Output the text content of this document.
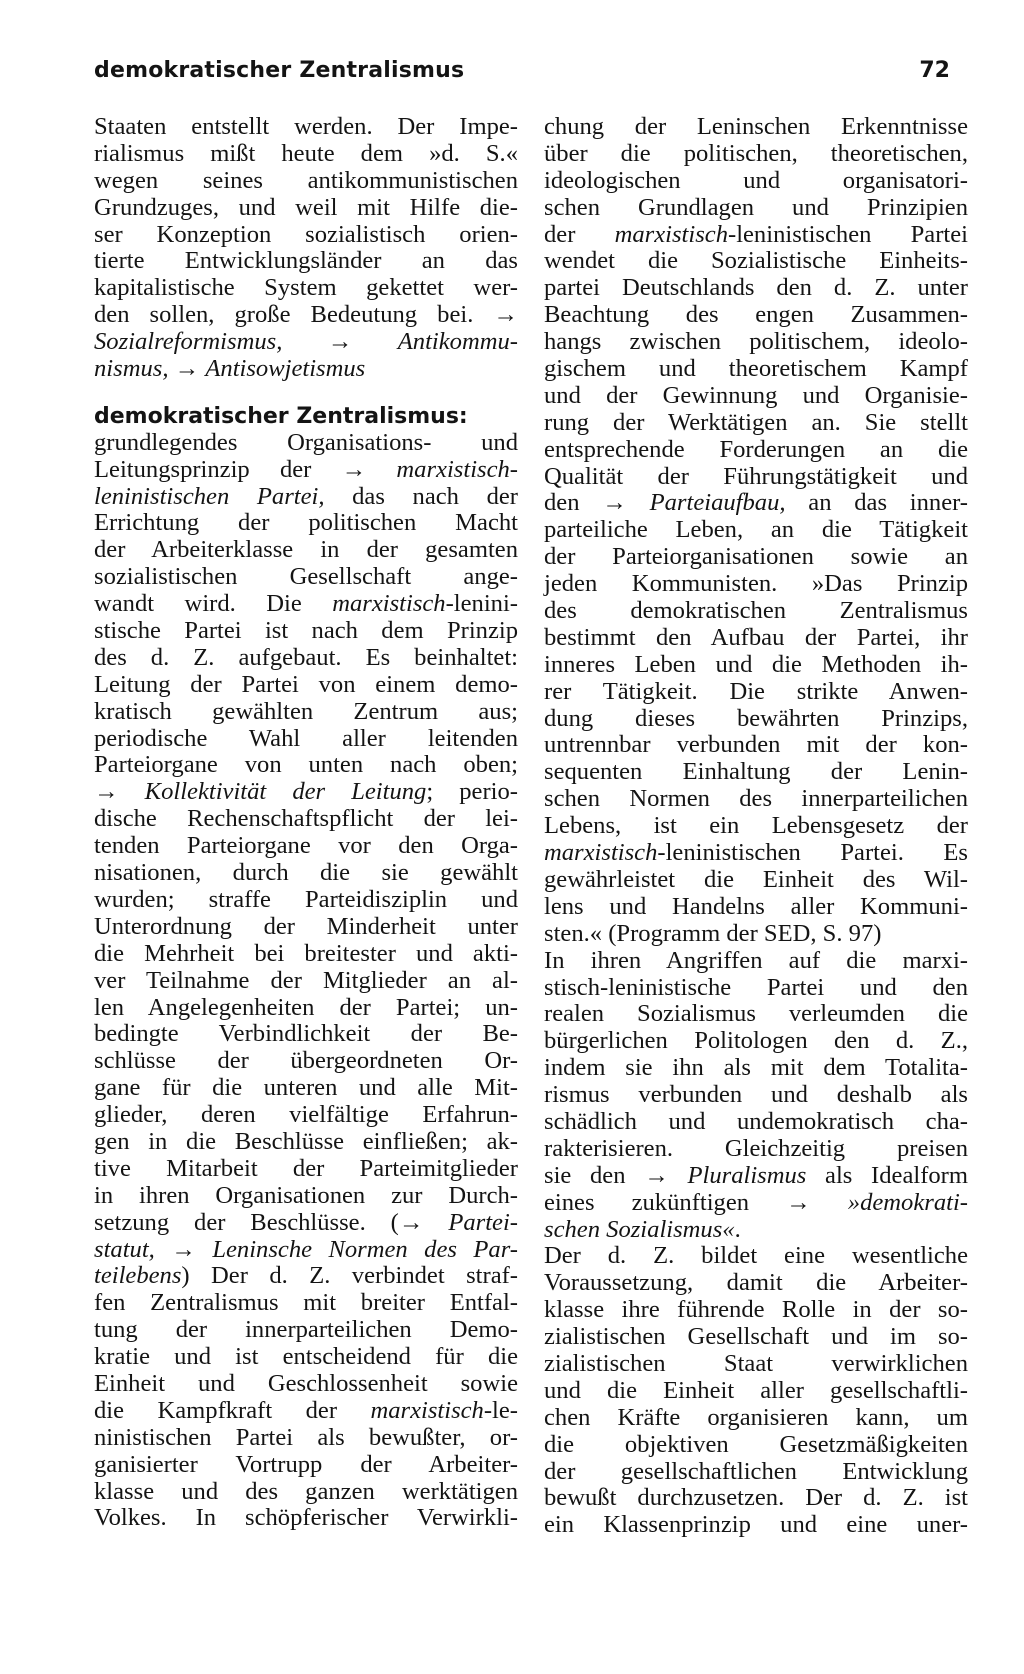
demokratischer Zentralismus	72
Staaten entstellt werden. Der Impe-
rialismus mißt heute dem »d. S.«
wegen seines antikommunistischen
Grundzuges, und weil mit Hilfe die-
ser Konzeption sozialistisch orien-
tierte Entwicklungsländer an das
kapitalistische System gekettet wer-
den sollen, große Bedeutung bei. →
Sozialreformismus, → Antikommu-
nismus, → Antisowjetismus
demokratischer Zentralismus:
grundlegendes Organisations- und
Leitungsprinzip der → marxistisch-
leninistischen Partei, das nach der
Errichtung der politischen Macht
der Arbeiterklasse in der gesamten
sozialistischen Gesellschaft ange-
wandt wird. Die marxistisch-lenini-
stische Partei ist nach dem Prinzip
des d. Z. aufgebaut. Es beinhaltet:
Leitung der Partei von einem demo-
kratisch gewählten Zentrum aus;
periodische Wahl aller leitenden
Parteiorgane von unten nach oben;
→ Kollektivität der Leitung; perio-
dische Rechenschaftspflicht der lei-
tenden Parteiorgane vor den Orga-
nisationen, durch die sie gewählt
wurden; straffe Parteidisziplin und
Unterordnung der Minderheit unter
die Mehrheit bei breitester und akti-
ver Teilnahme der Mitglieder an al-
len Angelegenheiten der Partei; un-
bedingte Verbindlichkeit der Be-
schlüsse der übergeordneten Or-
gane für die unteren und alle Mit-
glieder, deren vielfältige Erfahrun-
gen in die Beschlüsse einfließen; ak-
tive Mitarbeit der Parteimitglieder
in ihren Organisationen zur Durch-
setzung der Beschlüsse. (→ Partei-
statut, → Leninsche Normen des Par-
teilebens) Der d. Z. verbindet straf-
fen Zentralismus mit breiter Entfal-
tung der innerparteilichen Demo-
kratie und ist entscheidend für die
Einheit und Geschlossenheit sowie
die Kampfkraft der marxistisch-le-
ninistischen Partei als bewußter, or-
ganisierter Vortrupp der Arbeiter-
klasse und des ganzen werktätigen
Volkes. In schöpferischer Verwirkli-
chung der Leninschen Erkenntnisse
über die politischen, theoretischen,
ideologischen und organisatori-
schen Grundlagen und Prinzipien
der marxistisch-leninistischen Partei
wendet die Sozialistische Einheits-
partei Deutschlands den d. Z. unter
Beachtung des engen Zusammen-
hangs zwischen politischem, ideolo-
gischem und theoretischem Kampf
und der Gewinnung und Organisie-
rung der Werktätigen an. Sie stellt
entsprechende Forderungen an die
Qualität der Führungstätigkeit und
den → Parteiaufbau, an das inner-
parteiliche Leben, an die Tätigkeit
der Parteiorganisationen sowie an
jeden Kommunisten. »Das Prinzip
des demokratischen Zentralismus
bestimmt den Aufbau der Partei, ihr
inneres Leben und die Methoden ih-
rer Tätigkeit. Die strikte Anwen-
dung dieses bewährten Prinzips,
untrennbar verbunden mit der kon-
sequenten Einhaltung der Lenin-
schen Normen des innerparteilichen
Lebens, ist ein Lebensgesetz der
marxistisch-leninistischen Partei. Es
gewährleistet die Einheit des Wil-
lens und Handelns aller Kommuni-
sten.« (Programm der SED, S. 97)
In ihren Angriffen auf die marxi-
stisch-leninistische Partei und den
realen Sozialismus verleumden die
bürgerlichen Politologen den d. Z.,
indem sie ihn als mit dem Totalita-
rismus verbunden und deshalb als
schädlich und undemokratisch cha-
rakterisieren. Gleichzeitig preisen
sie den → Pluralismus als Idealform
eines zukünftigen → »demokrati-
schen Sozialismus«.
Der d. Z. bildet eine wesentliche
Voraussetzung, damit die Arbeiter-
klasse ihre führende Rolle in der so-
zialistischen Gesellschaft und im so-
zialistischen Staat verwirklichen
und die Einheit aller gesellschaftli-
chen Kräfte organisieren kann, um
die objektiven Gesetzmäßigkeiten
der gesellschaftlichen Entwicklung
bewußt durchzusetzen. Der d. Z. ist
ein Klassenprinzip und eine uner-
